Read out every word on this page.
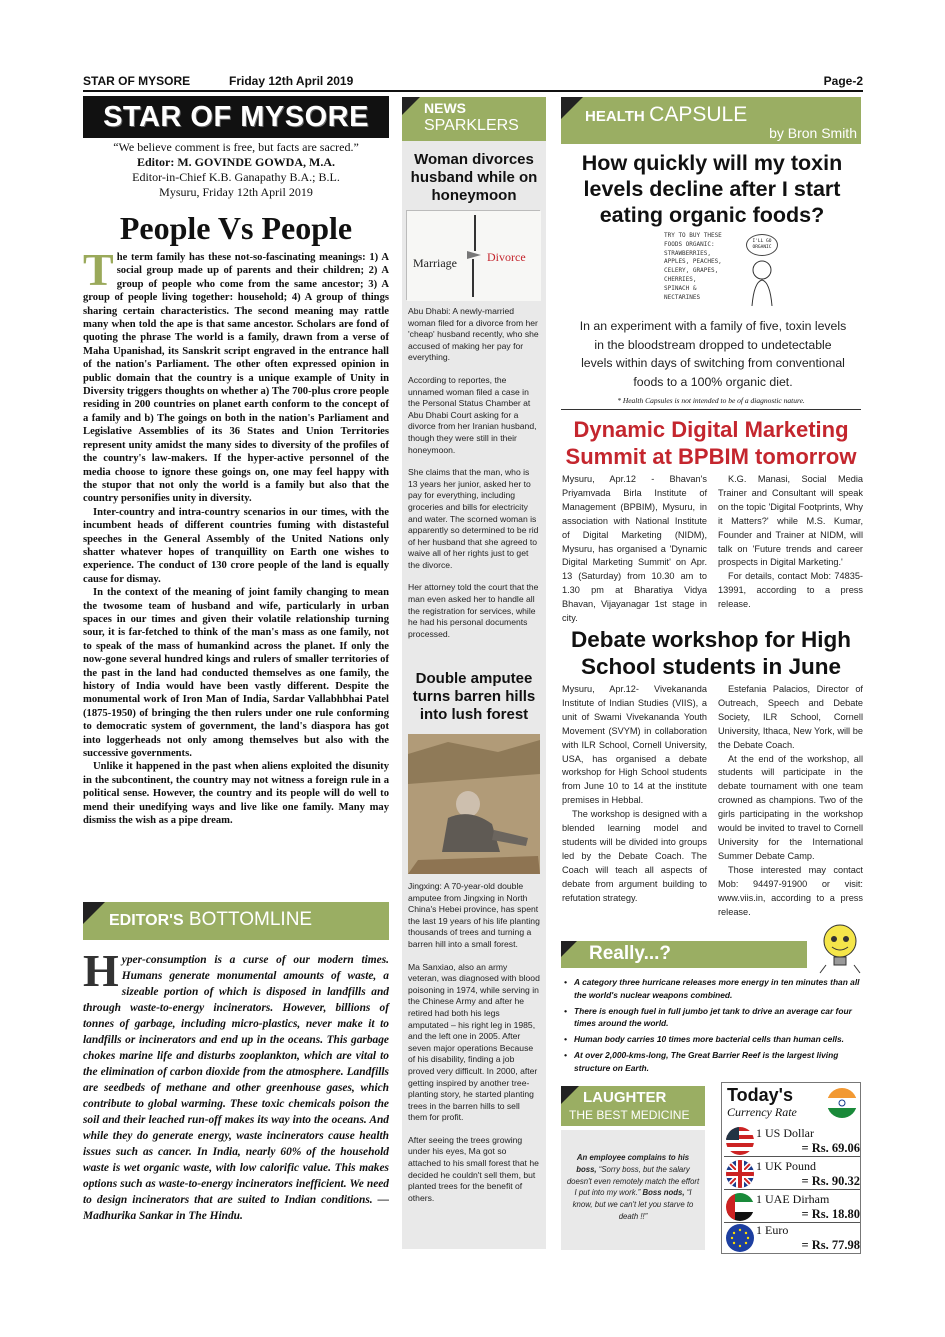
STAR OF MYSORE	Friday 12th April 2019	Page-2
STAR OF MYSORE
“We believe comment is free, but facts are sacred.”
Editor: M. GOVINDE GOWDA, M.A.
Editor-in-Chief K.B. Ganapathy B.A.; B.L.
Mysuru, Friday 12th April 2019
People Vs People

The term family has these not-so-fascinating meanings: 1) A social group made up of parents and their children; 2) A group of people who come from the same ancestor; 3) A group of people living together: household; 4) A group of things sharing certain characteristics. The second meaning may rattle many when told the ape is that same ancestor. Scholars are fond of quoting the phrase The world is a family, drawn from a verse of Maha Upanishad, its Sanskrit script engraved in the entrance hall of the nation's Parliament. The other often expressed opinion in public domain that the country is a unique example of Unity in Diversity triggers thoughts on whether a) The 700-plus crore people residing in 200 countries on planet earth conform to the concept of a family and b) The goings on both in the nation's Parliament and Legislative Assemblies of its 36 States and Union Territories represent unity amidst the many sides to diversity of the profiles of the country's law-makers. If the hyper-active personnel of the media choose to ignore these goings on, one may feel happy with the stupor that not only the world is a family but also that the country personifies unity in diversity.

Inter-country and intra-country scenarios in our times, with the incumbent heads of different countries fuming with distasteful speeches in the General Assembly of the United Nations only shatter whatever hopes of tranquillity on Earth one wishes to experience. The conduct of 130 crore people of the land is equally cause for dismay.

In the context of the meaning of joint family changing to mean the twosome team of husband and wife, particularly in urban spaces in our times and given their volatile relationship turning sour, it is far-fetched to think of the man's mass as one family, not to speak of the mass of humankind across the planet. If only the now-gone several hundred kings and rulers of smaller territories of the past in the land had conducted themselves as one family, the history of India would have been vastly different. Despite the monumental work of Iron Man of India, Sardar Vallabhbhai Patel (1875-1950) of bringing the then rulers under one rule conforming to democratic system of government, the land's diaspora has got into loggerheads not only among themselves but also with the successive governments.

Unlike it happened in the past when aliens exploited the disunity in the subcontinent, the country may not witness a foreign rule in a political sense. However, the country and its people will do well to mend their unedifying ways and live like one family. Many may dismiss the wish as a pipe dream.

EDITOR'S BOTTOMLINE
Hyper-consumption is a curse of our modern times. Humans generate monumental amounts of waste, a sizeable portion of which is disposed in landfills and through waste-to-energy incinerators. However, billions of tonnes of garbage, including micro-plastics, never make it to landfills or incinerators and end up in the oceans. This garbage chokes marine life and disturbs zooplankton, which are vital to the elimination of carbon dioxide from the atmosphere. Landfills are seedbeds of methane and other greenhouse gases, which contribute to global warming. These toxic chemicals poison the soil and their leached run-off makes its way into the oceans. And while they do generate energy, waste incinerators cause health issues such as cancer. In India, nearly 60% of the household waste is wet organic waste, with low calorific value. This makes options such as waste-to-energy incinerators inefficient. We need to design incinerators that are suited to Indian conditions. — Madhurika Sankar in The Hindu.
NEWS
SPARKLERS
Woman divorces husband while on honeymoon
Marriage	Divorce

Abu Dhabi: A newly-married woman filed for a divorce from her 'cheap' husband recently, who she accused of making her pay for everything.

According to reportes, the unnamed woman filed a case in the Personal Status Chamber at Abu Dhabi Court asking for a divorce from her Iranian husband, though they were still in their honeymoon.

She claims that the man, who is 13 years her junior, asked her to pay for everything, including groceries and bills for electricity and water. The scorned woman is apparently so determined to be rid of her husband that she agreed to waive all of her rights just to get the divorce.

Her attorney told the court that the man even asked her to handle all the registration for services, while he had his personal documents processed.

Double amputee turns barren hills into lush forest

Jingxing: A 70-year-old double amputee from Jingxing in North China's Hebei province, has spent the last 19 years of his life planting thousands of trees and turning a barren hill into a small forest.

Ma Sanxiao, also an army veteran, was diagnosed with blood poisoning in 1974, while serving in the Chinese Army and after he retired had both his legs amputated – his right leg in 1985, and the left one in 2005. After seven major operations Because of his disability, finding a job proved very difficult. In 2000, after getting inspired by another tree-planting story, he started planting trees in the barren hills to sell them for profit.

After seeing the trees growing under his eyes, Ma got so attached to his small forest that he decided he couldn't sell them, but planted trees for the benefit of others.

HEALTH CAPSULE
by Bron Smith
How quickly will my toxin levels decline after I start eating organic foods?
TRY TO BUY THESE
FOODS ORGANIC:
STRAWBERRIES,
APPLES, PEACHES,
CELERY, GRAPES,
CHERRIES,
SPINACH &
NECTARINES
I'LL GO ORGANIC
In an experiment with a family of five, toxin levels in the bloodstream dropped to undetectable levels within days of switching from conventional foods to a 100% organic diet.
* Health Capsules is not intended to be of a diagnostic nature.
Dynamic Digital Marketing Summit at BPBIM tomorrow
Mysuru, Apr.12 - Bhavan's Priyamvada Birla Institute of Management (BPBIM), Mysuru, in association with National Institute of Digital Marketing (NIDM), Mysuru, has organised a 'Dynamic Digital Marketing Summit' on Apr. 13 (Saturday) from 10.30 am to 1.30 pm at Bharatiya Vidya Bhavan, Vijayanagar 1st stage in city.

K.G. Manasi, Social Media Trainer and Consultant will speak on the topic 'Digital Footprints, Why it Matters?' while M.S. Kumar, Founder and Trainer at NIDM, will talk on 'Future trends and career prospects in Digital Marketing.'

For details, contact Mob: 74835-13991, according to a press release.

Debate workshop for High School students in June

Mysuru, Apr.12- Vivekananda Institute of Indian Studies (VIIS), a unit of Swami Vivekananda Youth Movement (SVYM) in collaboration with ILR School, Cornell University, USA, has organised a debate workshop for High School students from June 10 to 14 at the institute premises in Hebbal.

The workshop is designed with a blended learning model and students will be divided into groups led by the Debate Coach. The Coach will teach all aspects of debate from argument building to refutation strategy.

Estefania Palacios, Director of Outreach, Speech and Debate Society, ILR School, Cornell University, Ithaca, New York, will be the Debate Coach.

At the end of the workshop, all students will participate in the debate tournament with one team crowned as champions. Two of the girls participating in the workshop would be invited to travel to Cornell University for the International Summer Debate Camp.

Those interested may contact Mob: 94497-91900 or visit: www.viis.in, according to a press release.

Really...?
• A category three hurricane releases more energy in ten minutes than all the world's nuclear weapons combined.
• There is enough fuel in full jumbo jet tank to drive an average car four times around the world.
• Human body carries 10 times more bacterial cells than human cells.
• At over 2,000-kms-long, The Great Barrier Reef is the largest living structure on Earth.
LAUGHTER
THE BEST MEDICINE
An employee complains to his boss, “Sorry boss, but the salary doesn't even remotely match the effort I put into my work.” Boss nods, “I know, but we can't let you starve to death !!”
Today's
Currency Rate
1 US Dollar
= Rs. 69.06
1 UK Pound
= Rs. 90.32
1 UAE Dirham
= Rs. 18.80
1 Euro
= Rs. 77.98
